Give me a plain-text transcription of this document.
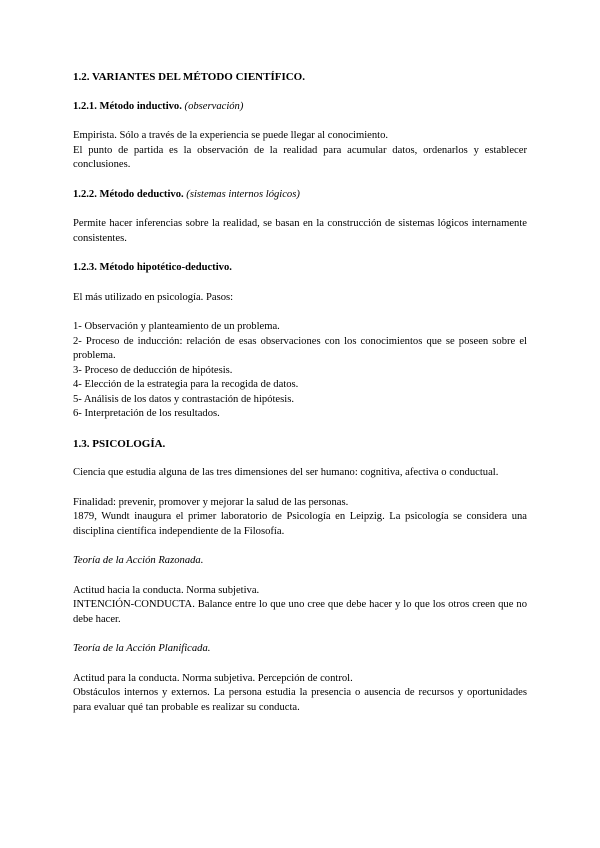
1.2. VARIANTES DEL MÉTODO CIENTÍFICO.
1.2.1. Método inductivo. (observación)

Empirista. Sólo a través de la experiencia se puede llegar al conocimiento.

El punto de partida es la observación de la realidad para acumular datos, ordenarlos y establecer conclusiones.

1.2.2. Método deductivo. (sistemas internos lógicos)

Permite hacer inferencias sobre la realidad, se basan en la construcción de sistemas lógicos internamente consistentes.

1.2.3. Método hipotético-deductivo.

El más utilizado en psicología. Pasos:

1- Observación y planteamiento de un problema.
2- Proceso de inducción: relación de esas observaciones con los conocimientos que se poseen sobre el problema.
3- Proceso de deducción de hipótesis.
4- Elección de la estrategia para la recogida de datos.
5- Análisis de los datos y contrastación de hipótesis.
6- Interpretación de los resultados.
1.3. PSICOLOGÍA.

Ciencia que estudia alguna de las tres dimensiones del ser humano: cognitiva, afectiva o conductual.

Finalidad: prevenir, promover y mejorar la salud de las personas.

1879, Wundt inaugura el primer laboratorio de Psicología en Leipzig. La psicología se considera una disciplina científica independiente de la Filosofía.

Teoría de la Acción Razonada.

Actitud hacia la conducta. Norma subjetiva.

INTENCIÓN-CONDUCTA. Balance entre lo que uno cree que debe hacer y lo que los otros creen que no debe hacer.

Teoría de la Acción Planificada.

Actitud para la conducta. Norma subjetiva. Percepción de control.

Obstáculos internos y externos. La persona estudia la presencia o ausencia de recursos y oportunidades para evaluar qué tan probable es realizar su conducta.
